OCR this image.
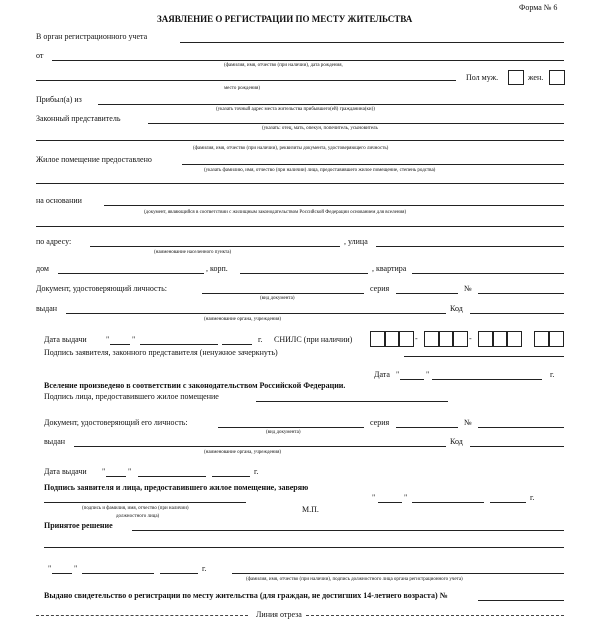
Форма № 6
ЗАЯВЛЕНИЕ О РЕГИСТРАЦИИ ПО МЕСТУ ЖИТЕЛЬСТВА
В орган регистрационного учета
от
(фамилия, имя, отчество (при наличии), дата рождения,
Пол муж.	жен.
место рождения)
Прибыл(а) из
(указать точный адрес места жительства прибывшего(ей) гражданина(ки))
Законный представитель
(указать: отец, мать, опекун, попечитель, усыновитель
(фамилия, имя, отчество (при наличии), реквизиты документа, удостоверяющего личность)
Жилое помещение предоставлено
(указать фамилию, имя, отчество (при наличии) лица, предоставившего жилое помещение, степень родства)
на основании
(документ, являющийся в соответствии с жилищным законодательством Российской Федерации основанием для вселения)
по адресу:	, улица
(наименование населенного пункта)
дом	, корп.	, квартира
Документ, удостоверяющий личность:	серия	№
(вид документа)
выдан	Код
(наименование органа, учреждения)
Дата выдачи "	"	г. СНИЛС (при наличии)	-	-
Подпись заявителя, законного представителя (ненужное зачеркнуть)
Дата "	"	г.
Вселение произведено в соответствии с законодательством Российской Федерации.
Подпись лица, предоставившего жилое помещение
Документ, удостоверяющий его личность:	серия	№
(вид документа)
выдан	Код
(наименование органа, учреждения)
Дата выдачи "	"	г.
Подпись заявителя и лица, предоставившего жилое помещение, заверяю
"	"	г.
(подпись и фамилия, имя, отчество (при наличии)
должностного лица)
М.П.
Принятое решение
"	"	г.
(фамилия, имя, отчество (при наличии), подпись должностного лица органа регистрационного учета)
Выдано свидетельство о регистрации по месту жительства (для граждан, не достигших 14-летнего возраста) №
Линия отреза
